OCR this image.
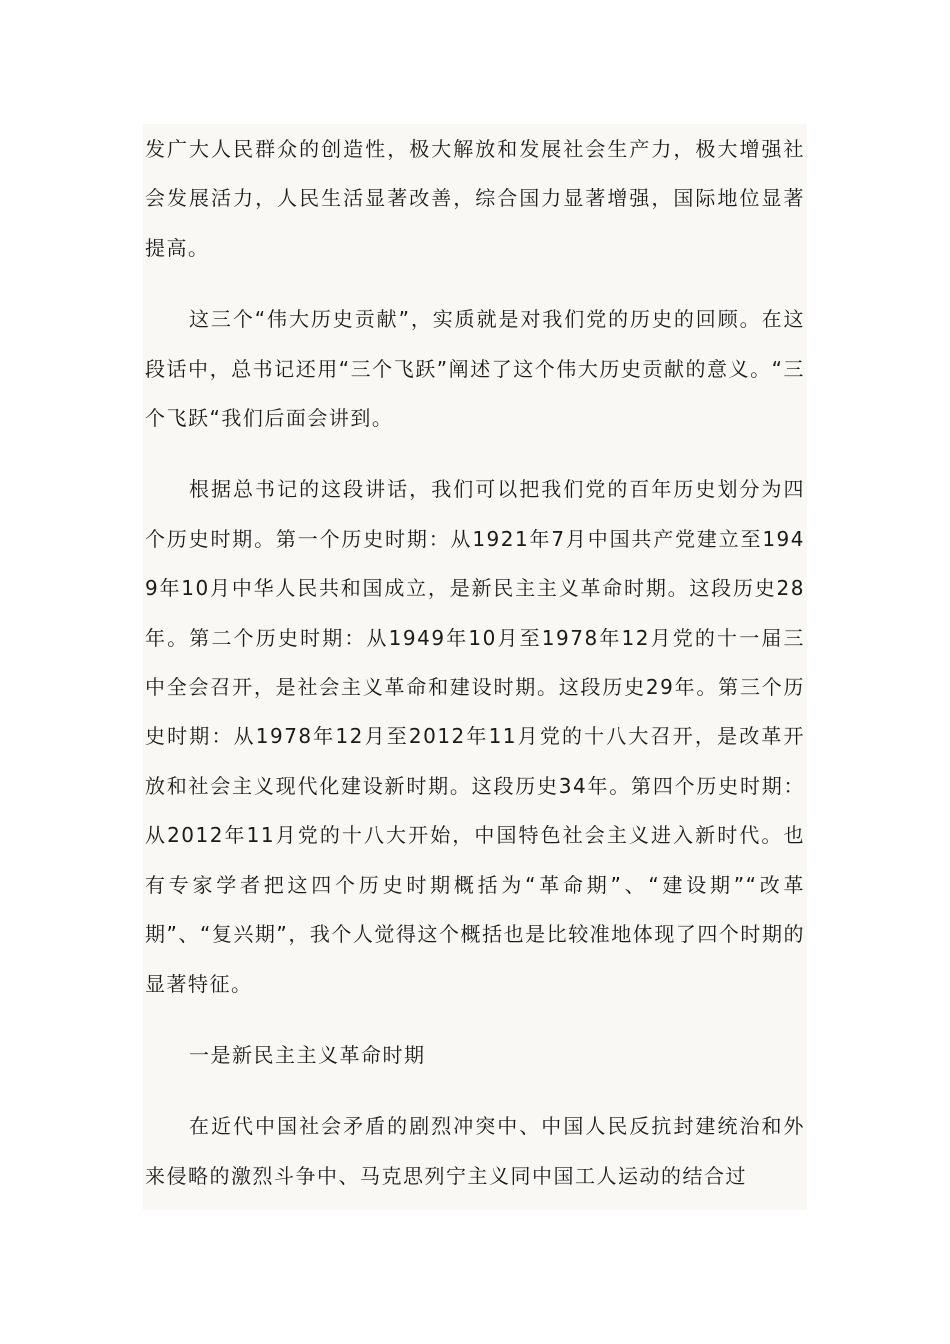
发广大人民群众的创造性，极大解放和发展社会生产力，极大增强社会发展活力，人民生活显著改善，综合国力显著增强，国际地位显著提高。

这三个“伟大历史贡献”，实质就是对我们党的历史的回顾。在这段话中，总书记还用“三个飞跃”阐述了这个伟大历史贡献的意义。“三个飞跃“我们后面会讲到。

根据总书记的这段讲话，我们可以把我们党的百年历史划分为四个历史时期。第一个历史时期：从1921年7月中国共产党建立至1949年10月中华人民共和国成立，是新民主主义革命时期。这段历史28年。第二个历史时期：从1949年10月至1978年12月党的十一届三中全会召开，是社会主义革命和建设时期。这段历史29年。第三个历史时期：从1978年12月至2012年11月党的十八大召开，是改革开放和社会主义现代化建设新时期。这段历史34年。第四个历史时期：从2012年11月党的十八大开始，中国特色社会主义进入新时代。也有专家学者把这四个历史时期概括为“革命期”、“建设期”“改革期”、“复兴期”，我个人觉得这个概括也是比较准地体现了四个时期的显著特征。

一是新民主主义革命时期

在近代中国社会矛盾的剧烈冲突中、中国人民反抗封建统治和外来侵略的激烈斗争中、马克思列宁主义同中国工人运动的结合过
